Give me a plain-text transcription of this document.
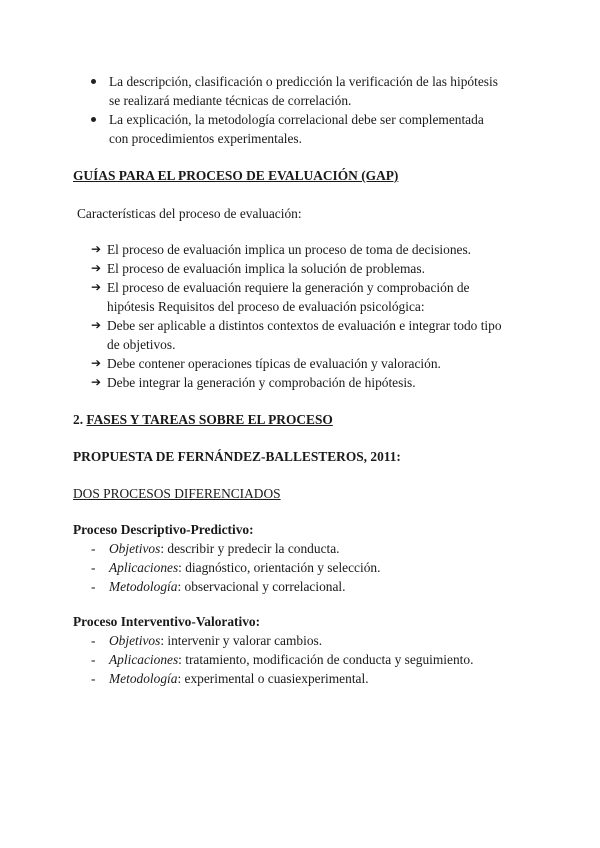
La descripción, clasificación o predicción la verificación de las hipótesis
se realizará mediante técnicas de correlación.
La explicación, la metodología correlacional debe ser complementada
con procedimientos experimentales.
GUÍAS PARA EL PROCESO DE EVALUACIÓN (GAP)
Características del proceso de evaluación:
➔ El proceso de evaluación implica un proceso de toma de decisiones.
➔ El proceso de evaluación implica la solución de problemas.
➔ El proceso de evaluación requiere la generación y comprobación de
hipótesis Requisitos del proceso de evaluación psicológica:
➔ Debe ser aplicable a distintos contextos de evaluación e integrar todo tipo
de objetivos.
➔ Debe contener operaciones típicas de evaluación y valoración.
➔ Debe integrar la generación y comprobación de hipótesis.
2. FASES Y TAREAS SOBRE EL PROCESO
PROPUESTA DE FERNÁNDEZ-BALLESTEROS, 2011:
DOS PROCESOS DIFERENCIADOS
Proceso Descriptivo-Predictivo:
- Objetivos: describir y predecir la conducta.
- Aplicaciones: diagnóstico, orientación y selección.
- Metodología: observacional y correlacional.
Proceso Interventivo-Valorativo:
- Objetivos: intervenir y valorar cambios.
- Aplicaciones: tratamiento, modificación de conducta y seguimiento.
- Metodología: experimental o cuasiexperimental.
